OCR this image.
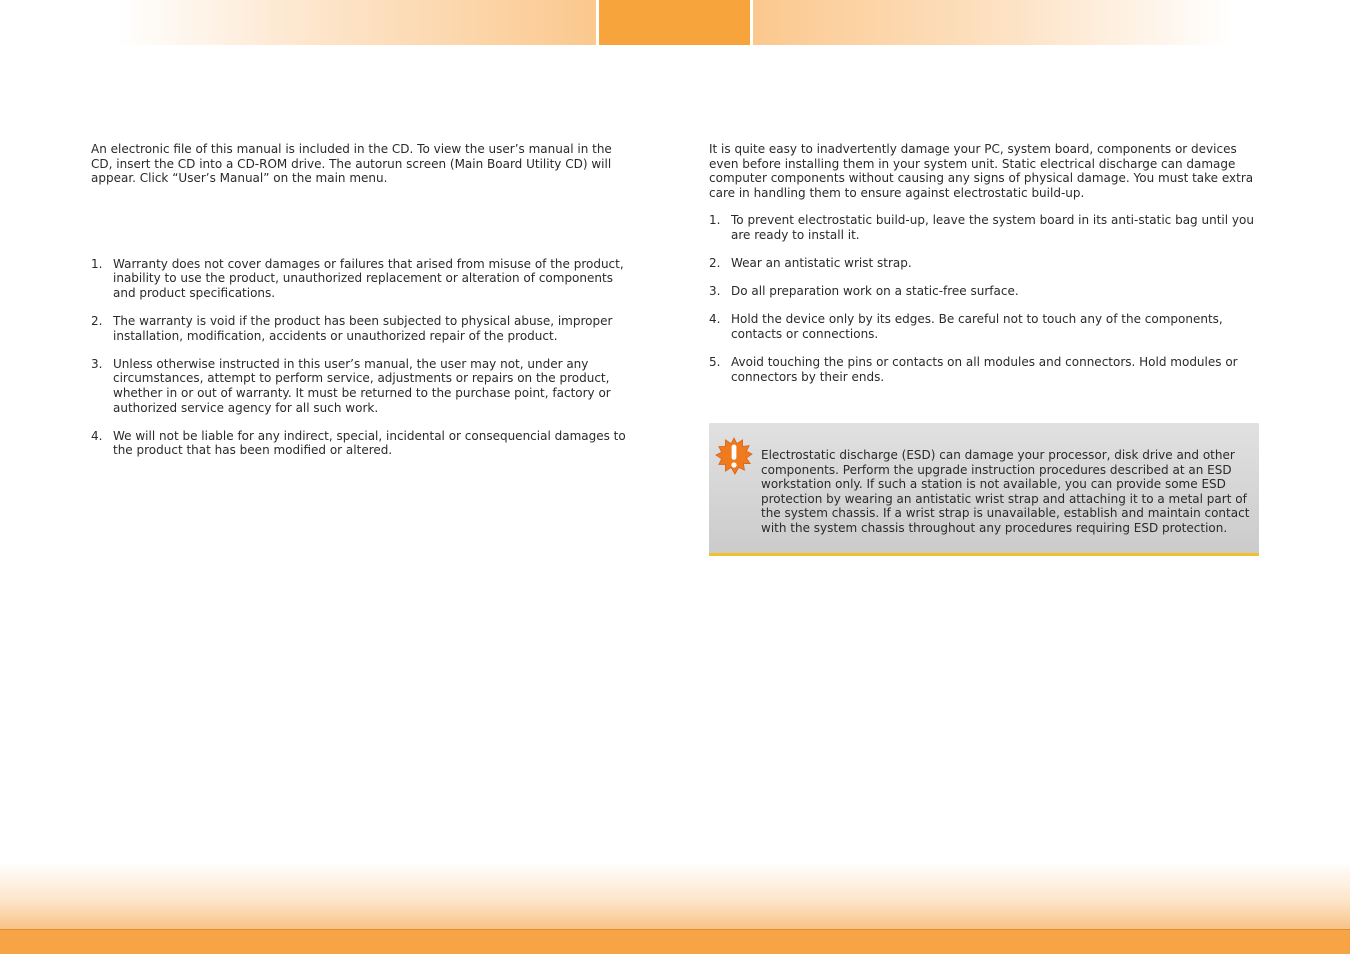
An electronic file of this manual is included in the CD. To view the user’s manual in the CD, insert the CD into a CD-ROM drive. The autorun screen (Main Board Utility CD) will appear. Click “User’s Manual” on the main menu.

1. Warranty does not cover damages or failures that arised from misuse of the product, inability to use the product, unauthorized replacement or alteration of components and product specifications.
2. The warranty is void if the product has been subjected to physical abuse, improper installation, modification, accidents or unauthorized repair of the product.
3. Unless otherwise instructed in this user’s manual, the user may not, under any circumstances, attempt to perform service, adjustments or repairs on the product, whether in or out of warranty. It must be returned to the purchase point, factory or authorized service agency for all such work.
4. We will not be liable for any indirect, special, incidental or consequencial damages to the product that has been modified or altered.

It is quite easy to inadvertently damage your PC, system board, components or devices even before installing them in your system unit. Static electrical discharge can damage computer components without causing any signs of physical damage. You must take extra care in handling them to ensure against electrostatic build-up.

1. To prevent electrostatic build-up, leave the system board in its anti-static bag until you are ready to install it.
2. Wear an antistatic wrist strap.
3. Do all preparation work on a static-free surface.
4. Hold the device only by its edges. Be careful not to touch any of the components, contacts or connections.
5. Avoid touching the pins or contacts on all modules and connectors. Hold modules or connectors by their ends.

Electrostatic discharge (ESD) can damage your processor, disk drive and other components. Perform the upgrade instruction procedures described at an ESD workstation only. If such a station is not available, you can provide some ESD protection by wearing an antistatic wrist strap and attaching it to a metal part of the system chassis. If a wrist strap is unavailable, establish and maintain contact with the system chassis throughout any procedures requiring ESD protection.
